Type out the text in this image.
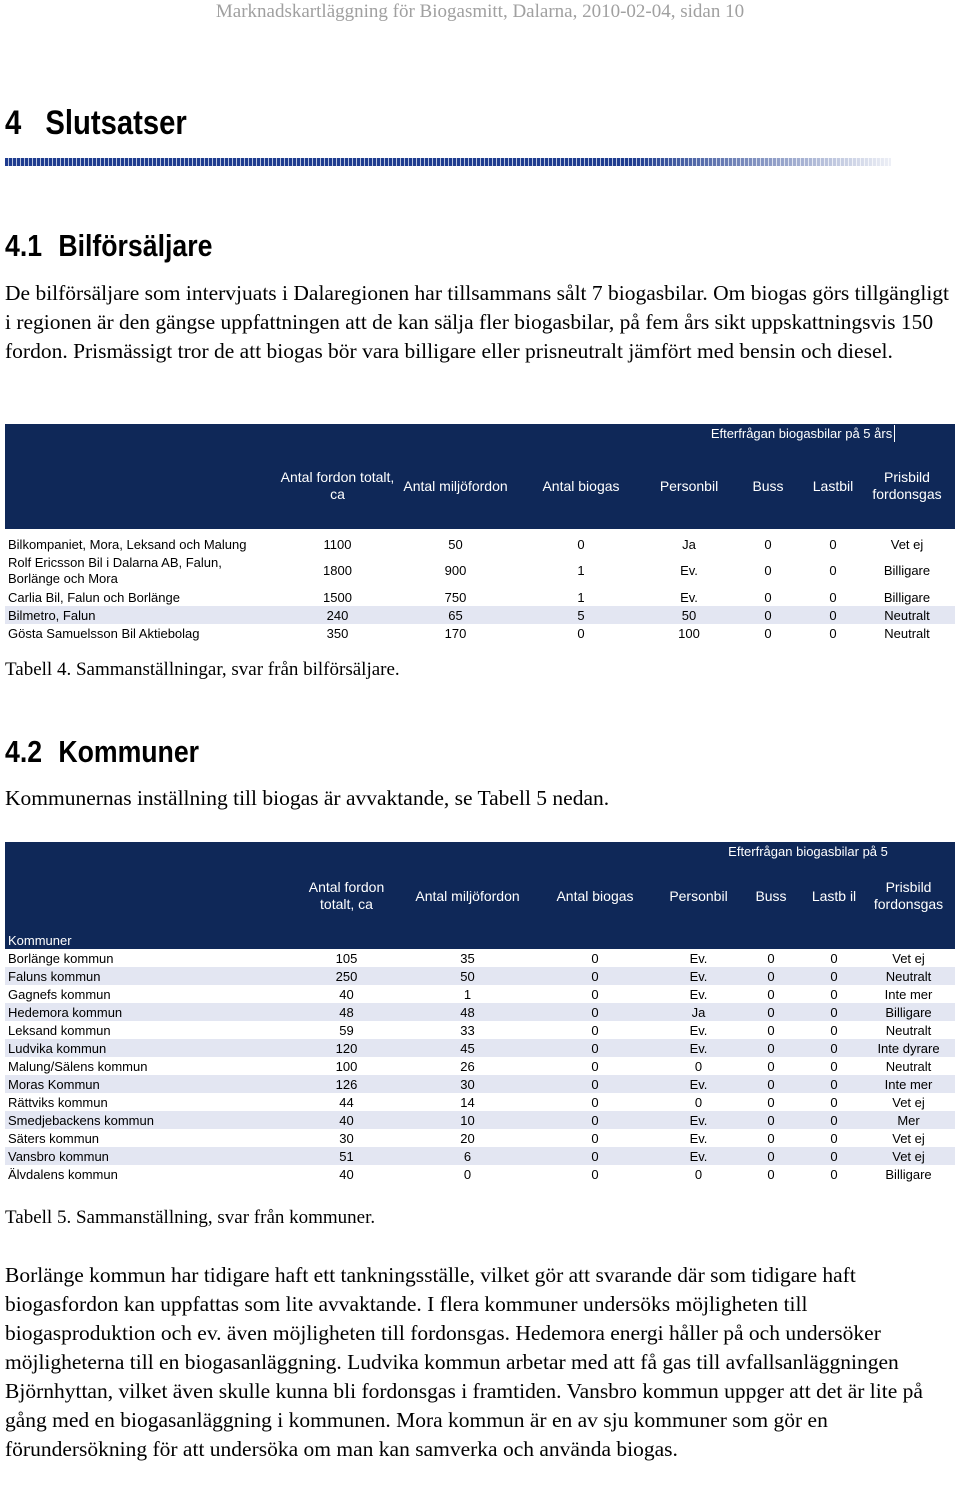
Marknadskartläggning för Biogasmitt, Dalarna, 2010-02-04, sidan 10
4 Slutsatser
4.1 Bilförsäljare

De bilförsäljare som intervjuats i Dalaregionen har tillsammans sålt 7 biogasbilar. Om biogas görs tillgängligt i regionen är den gängse uppfattningen att de kan sälja fler biogasbilar, på fem års sikt uppskattningsvis 150 fordon. Prismässigt tror de att biogas bör vara billigare eller prisneutralt jämfört med bensin och diesel.

				Efterfrågan biogasbilar på 5 års			
	Antal fordon totalt, ca	Antal miljöfordon	Antal biogas	Personbil	Buss	Lastbil	Prisbild fordonsgas

Bilkompaniet, Mora, Leksand och Malung	1100	50	0	Ja	0	0	Vet ej
Rolf Ericsson Bil i Dalarna AB, Falun, Borlänge och Mora	1800	900	1	Ev.	0	0	Billigare
Carlia Bil, Falun och Borlänge	1500	750	1	Ev.	0	0	Billigare
Bilmetro, Falun	240	65	5	50	0	0	Neutralt
Gösta Samuelsson Bil Aktiebolag	350	170	0	100	0	0	Neutralt

Tabell 4. Sammanställningar, svar från bilförsäljare.

4.2 Kommuner

Kommunernas inställning till biogas är avvaktande, se Tabell 5 nedan.

				Efterfrågan biogasbilar på 5			
	Antal fordon totalt, ca	Antal miljöfordon	Antal biogas	Personbil	Buss	Lastb il	Prisbild fordonsgas
Kommuner							
Borlänge kommun	105	35	0	Ev.	0	0	Vet ej
Faluns kommun	250	50	0	Ev.	0	0	Neutralt
Gagnefs kommun	40	1	0	Ev.	0	0	Inte mer
Hedemora kommun	48	48	0	Ja	0	0	Billigare
Leksand kommun	59	33	0	Ev.	0	0	Neutralt
Ludvika kommun	120	45	0	Ev.	0	0	Inte dyrare
Malung/Sälens kommun	100	26	0	0	0	0	Neutralt
Moras Kommun	126	30	0	Ev.	0	0	Inte mer
Rättviks kommun	44	14	0	0	0	0	Vet ej
Smedjebackens kommun	40	10	0	Ev.	0	0	Mer
Säters kommun	30	20	0	Ev.	0	0	Vet ej
Vansbro kommun	51	6	0	Ev.	0	0	Vet ej
Älvdalens kommun	40	0	0	0	0	0	Billigare

Tabell 5. Sammanställning, svar från kommuner.

Borlänge kommun har tidigare haft ett tankningsställe, vilket gör att svarande där som tidigare haft biogasfordon kan uppfattas som lite avvaktande. I flera kommuner undersöks möjligheten till biogasproduktion och ev. även möjligheten till fordonsgas. Hedemora energi håller på och undersöker möjligheterna till en biogasanläggning. Ludvika kommun arbetar med att få gas till avfallsanläggningen Björnhyttan, vilket även skulle kunna bli fordonsgas i framtiden. Vansbro kommun uppger att det är lite på gång med en biogasanläggning i kommunen. Mora kommun är en av sju kommuner som gör en förundersökning för att undersöka om man kan samverka och använda biogas.
